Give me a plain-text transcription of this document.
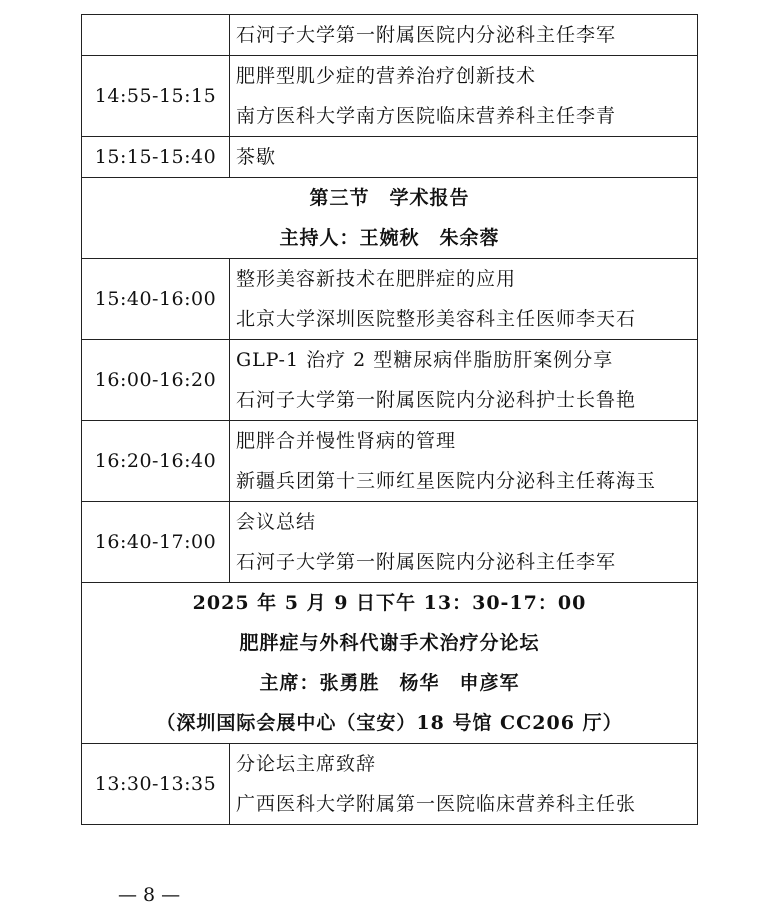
	石河子大学第一附属医院内分泌科主任李军

14:55-15:15	肥胖型肌少症的营养治疗创新技术
南方医科大学南方医院临床营养科主任李青

15:15-15:40	茶歇

第三节　学术报告
主持人：王婉秋　朱余蓉	

15:40-16:00	整形美容新技术在肥胖症的应用
北京大学深圳医院整形美容科主任医师李天石

16:00-16:20	GLP-1 治疗 2 型糖尿病伴脂肪肝案例分享
石河子大学第一附属医院内分泌科护士长鲁艳

16:20-16:40	肥胖合并慢性肾病的管理
新疆兵团第十三师红星医院内分泌科主任蒋海玉

16:40-17:00	会议总结
石河子大学第一附属医院内分泌科主任李军

2025 年 5 月 9 日下午 13：30-17：00
肥胖症与外科代谢手术治疗分论坛
主席：张勇胜　杨华　申彦军
（深圳国际会展中心（宝安）18 号馆 CC206 厅）	

13:30-13:35	分论坛主席致辞
广西医科大学附属第一医院临床营养科主任张
— 8 —
